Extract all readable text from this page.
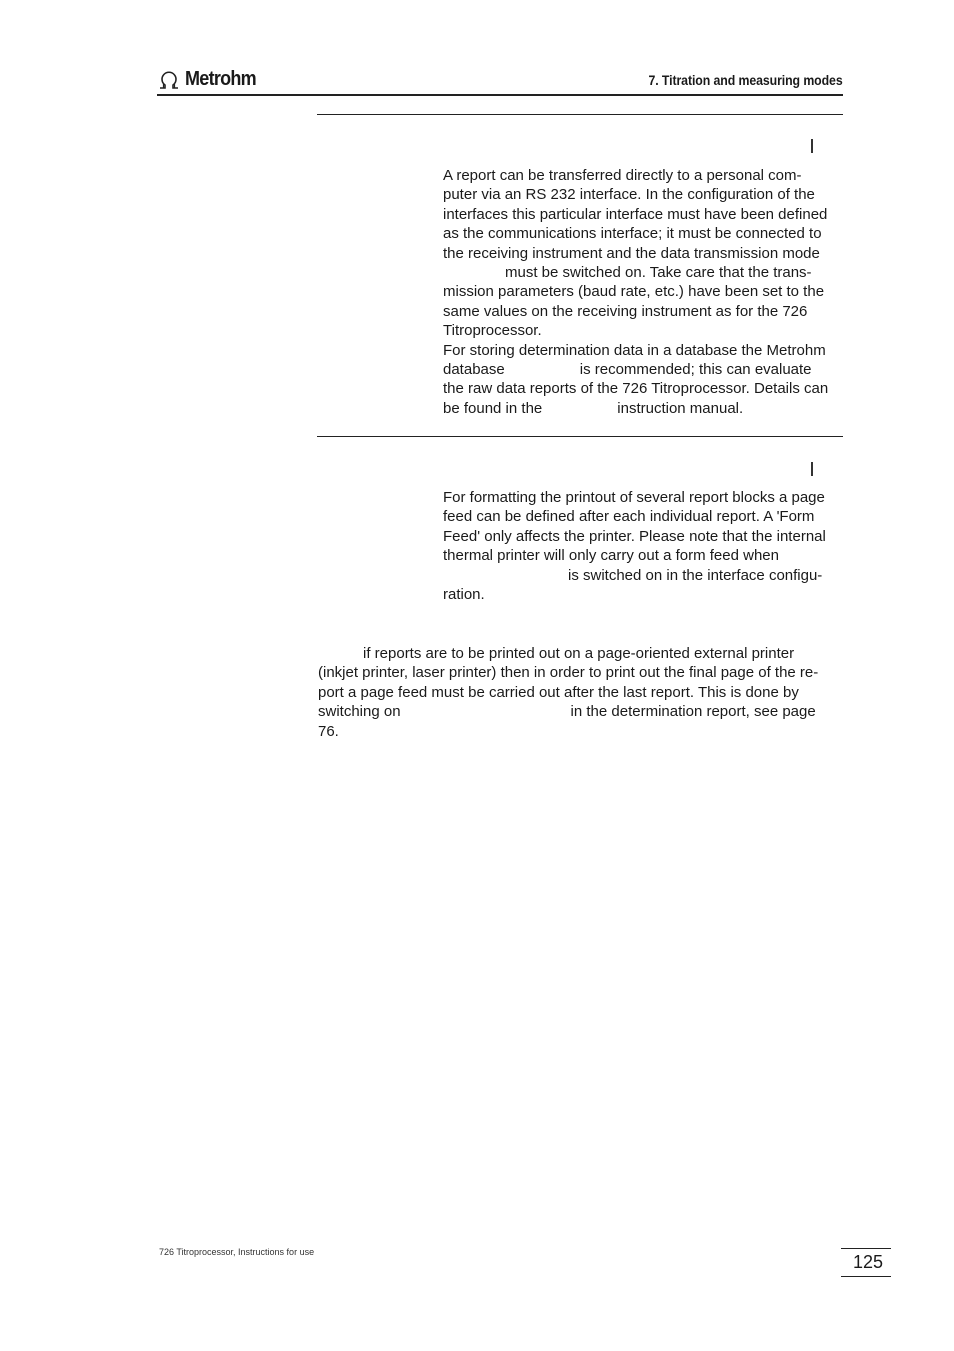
Metrohm	7. Titration and measuring modes

A report can be transferred directly to a personal com-

puter via an RS 232 interface. In the configuration of the

interfaces this particular interface must have been defined

as the communications interface; it must be connected to

the receiving instrument and the data transmission mode

must be switched on. Take care that the trans-

mission parameters (baud rate, etc.) have been set to the

same values on the receiving instrument as for the 726

Titroprocessor.

For storing determination data in a database the Metrohm

database	is recommended; this can evaluate

the raw data reports of the 726 Titroprocessor. Details can

be found in the	instruction manual.

For formatting the printout of several report blocks a page

feed can be defined after each individual report. A 'Form

Feed' only affects the printer. Please note that the internal

thermal printer will only carry out a form feed when

is switched on in the interface configu-

ration.

if reports are to be printed out on a page-oriented external printer

(inkjet printer, laser printer) then in order to print out the final page of the re-

port a page feed must be carried out after the last report. This is done by

switching on	in the determination report, see page

76.

726 Titroprocessor, Instructions for use	125
